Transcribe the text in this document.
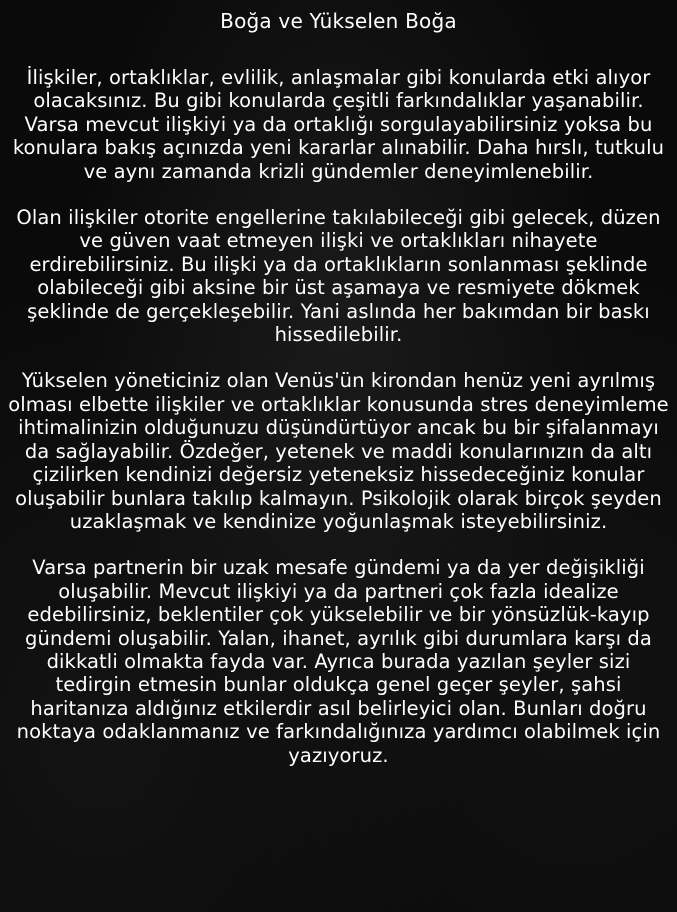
Boğa ve Yükselen Boğa
İlişkiler, ortaklıklar, evlilik, anlaşmalar gibi konularda etki alıyor olacaksınız. Bu gibi konularda çeşitli farkındalıklar yaşanabilir. Varsa mevcut ilişkiyi ya da ortaklığı sorgulayabilirsiniz yoksa bu konulara bakış açınızda yeni kararlar alınabilir. Daha hırslı, tutkulu ve aynı zamanda krizli gündemler deneyimlenebilir.
Olan ilişkiler otorite engellerine takılabileceği gibi gelecek, düzen ve güven vaat etmeyen ilişki ve ortaklıkları nihayete erdirebilirsiniz. Bu ilişki ya da ortaklıkların sonlanması şeklinde olabileceği gibi aksine bir üst aşamaya ve resmiyete dökmek şeklinde de gerçekleşebilir. Yani aslında her bakımdan bir baskı hissedilebilir.
Yükselen yöneticiniz olan Venüs'ün kirondan henüz yeni ayrılmış olması elbette ilişkiler ve ortaklıklar konusunda stres deneyimleme ihtimalinizin olduğunuzu düşündürtüyor ancak bu bir şifalanmayı da sağlayabilir. Özdeğer, yetenek ve maddi konularınızın da altı çizilirken kendinizi değersiz yeteneksiz hissedeceğiniz konular oluşabilir bunlara takılıp kalmayın. Psikolojik olarak birçok şeyden uzaklaşmak ve kendinize yoğunlaşmak isteyebilirsiniz.
Varsa partnerin bir uzak mesafe gündemi ya da yer değişikliği oluşabilir. Mevcut ilişkiyi ya da partneri çok fazla idealize edebilirsiniz, beklentiler çok yükselebilir ve bir yönsüzlük-kayıp gündemi oluşabilir. Yalan, ihanet, ayrılık gibi durumlara karşı da dikkatli olmakta fayda var. Ayrıca burada yazılan şeyler sizi tedirgin etmesin bunlar oldukça genel geçer şeyler, şahsi haritanıza aldığınız etkilerdir asıl belirleyici olan. Bunları doğru noktaya odaklanmanız ve farkındalığınıza yardımcı olabilmek için yazıyoruz.
